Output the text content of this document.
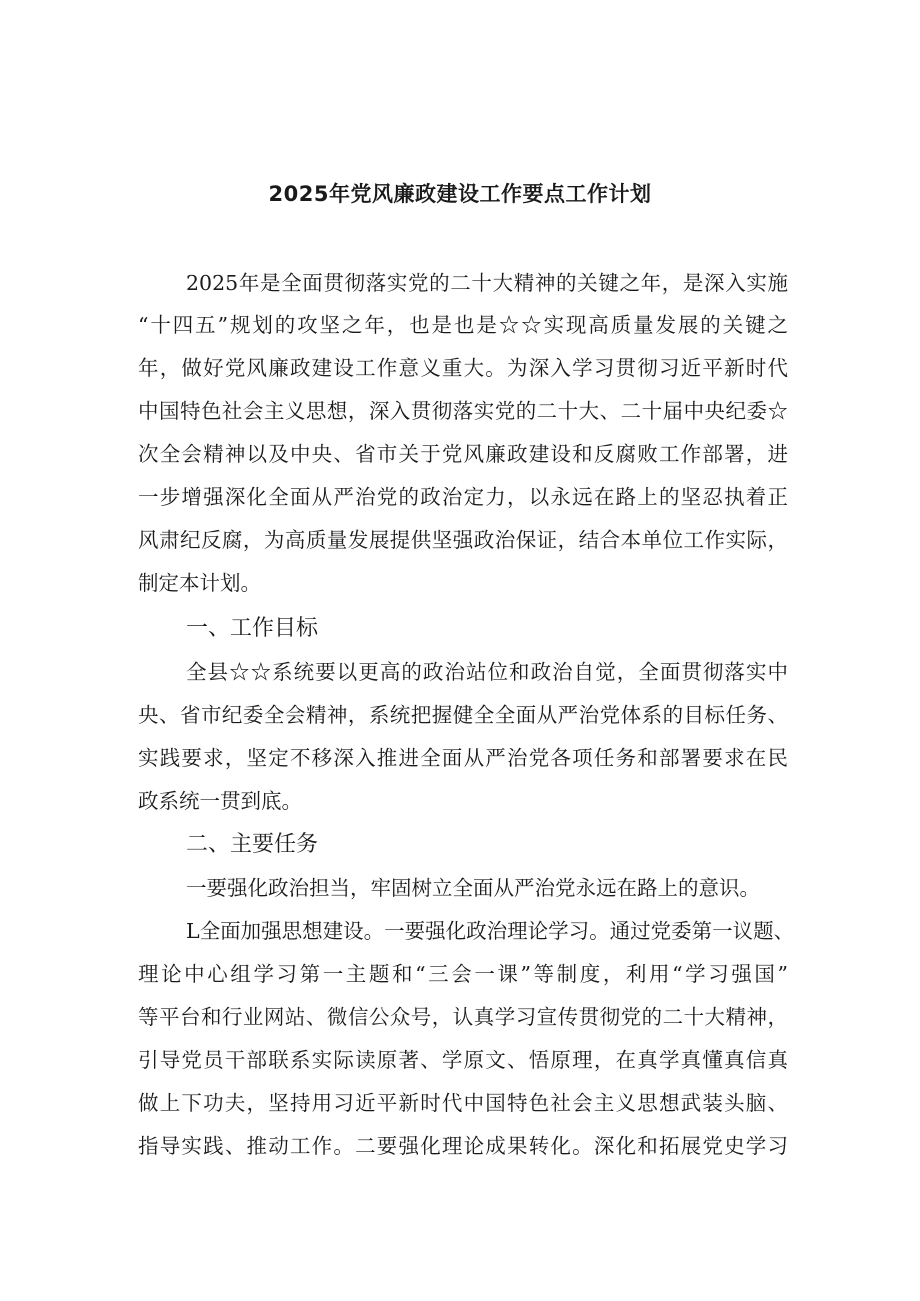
2025年党风廉政建设工作要点工作计划
2025年是全面贯彻落实党的二十大精神的关键之年，是深入实施
“十四五”规划的攻坚之年，也是也是☆☆实现高质量发展的关键之
年，做好党风廉政建设工作意义重大。为深入学习贯彻习近平新时代
中国特色社会主义思想，深入贯彻落实党的二十大、二十届中央纪委☆
次全会精神以及中央、省市关于党风廉政建设和反腐败工作部署，进
一步增强深化全面从严治党的政治定力，以永远在路上的坚忍执着正
风肃纪反腐，为高质量发展提供坚强政治保证，结合本单位工作实际，
制定本计划。
一、工作目标
全县☆☆系统要以更高的政治站位和政治自觉，全面贯彻落实中
央、省市纪委全会精神，系统把握健全全面从严治党体系的目标任务、
实践要求，坚定不移深入推进全面从严治党各项任务和部署要求在民
政系统一贯到底。
二、主要任务
一要强化政治担当，牢固树立全面从严治党永远在路上的意识。
L全面加强思想建设。一要强化政治理论学习。通过党委第一议题、
理论中心组学习第一主题和“三会一课”等制度，利用“学习强国”
等平台和行业网站、微信公众号，认真学习宣传贯彻党的二十大精神，
引导党员干部联系实际读原著、学原文、悟原理，在真学真懂真信真
做上下功夫，坚持用习近平新时代中国特色社会主义思想武装头脑、
指导实践、推动工作。二要强化理论成果转化。深化和拓展党史学习
